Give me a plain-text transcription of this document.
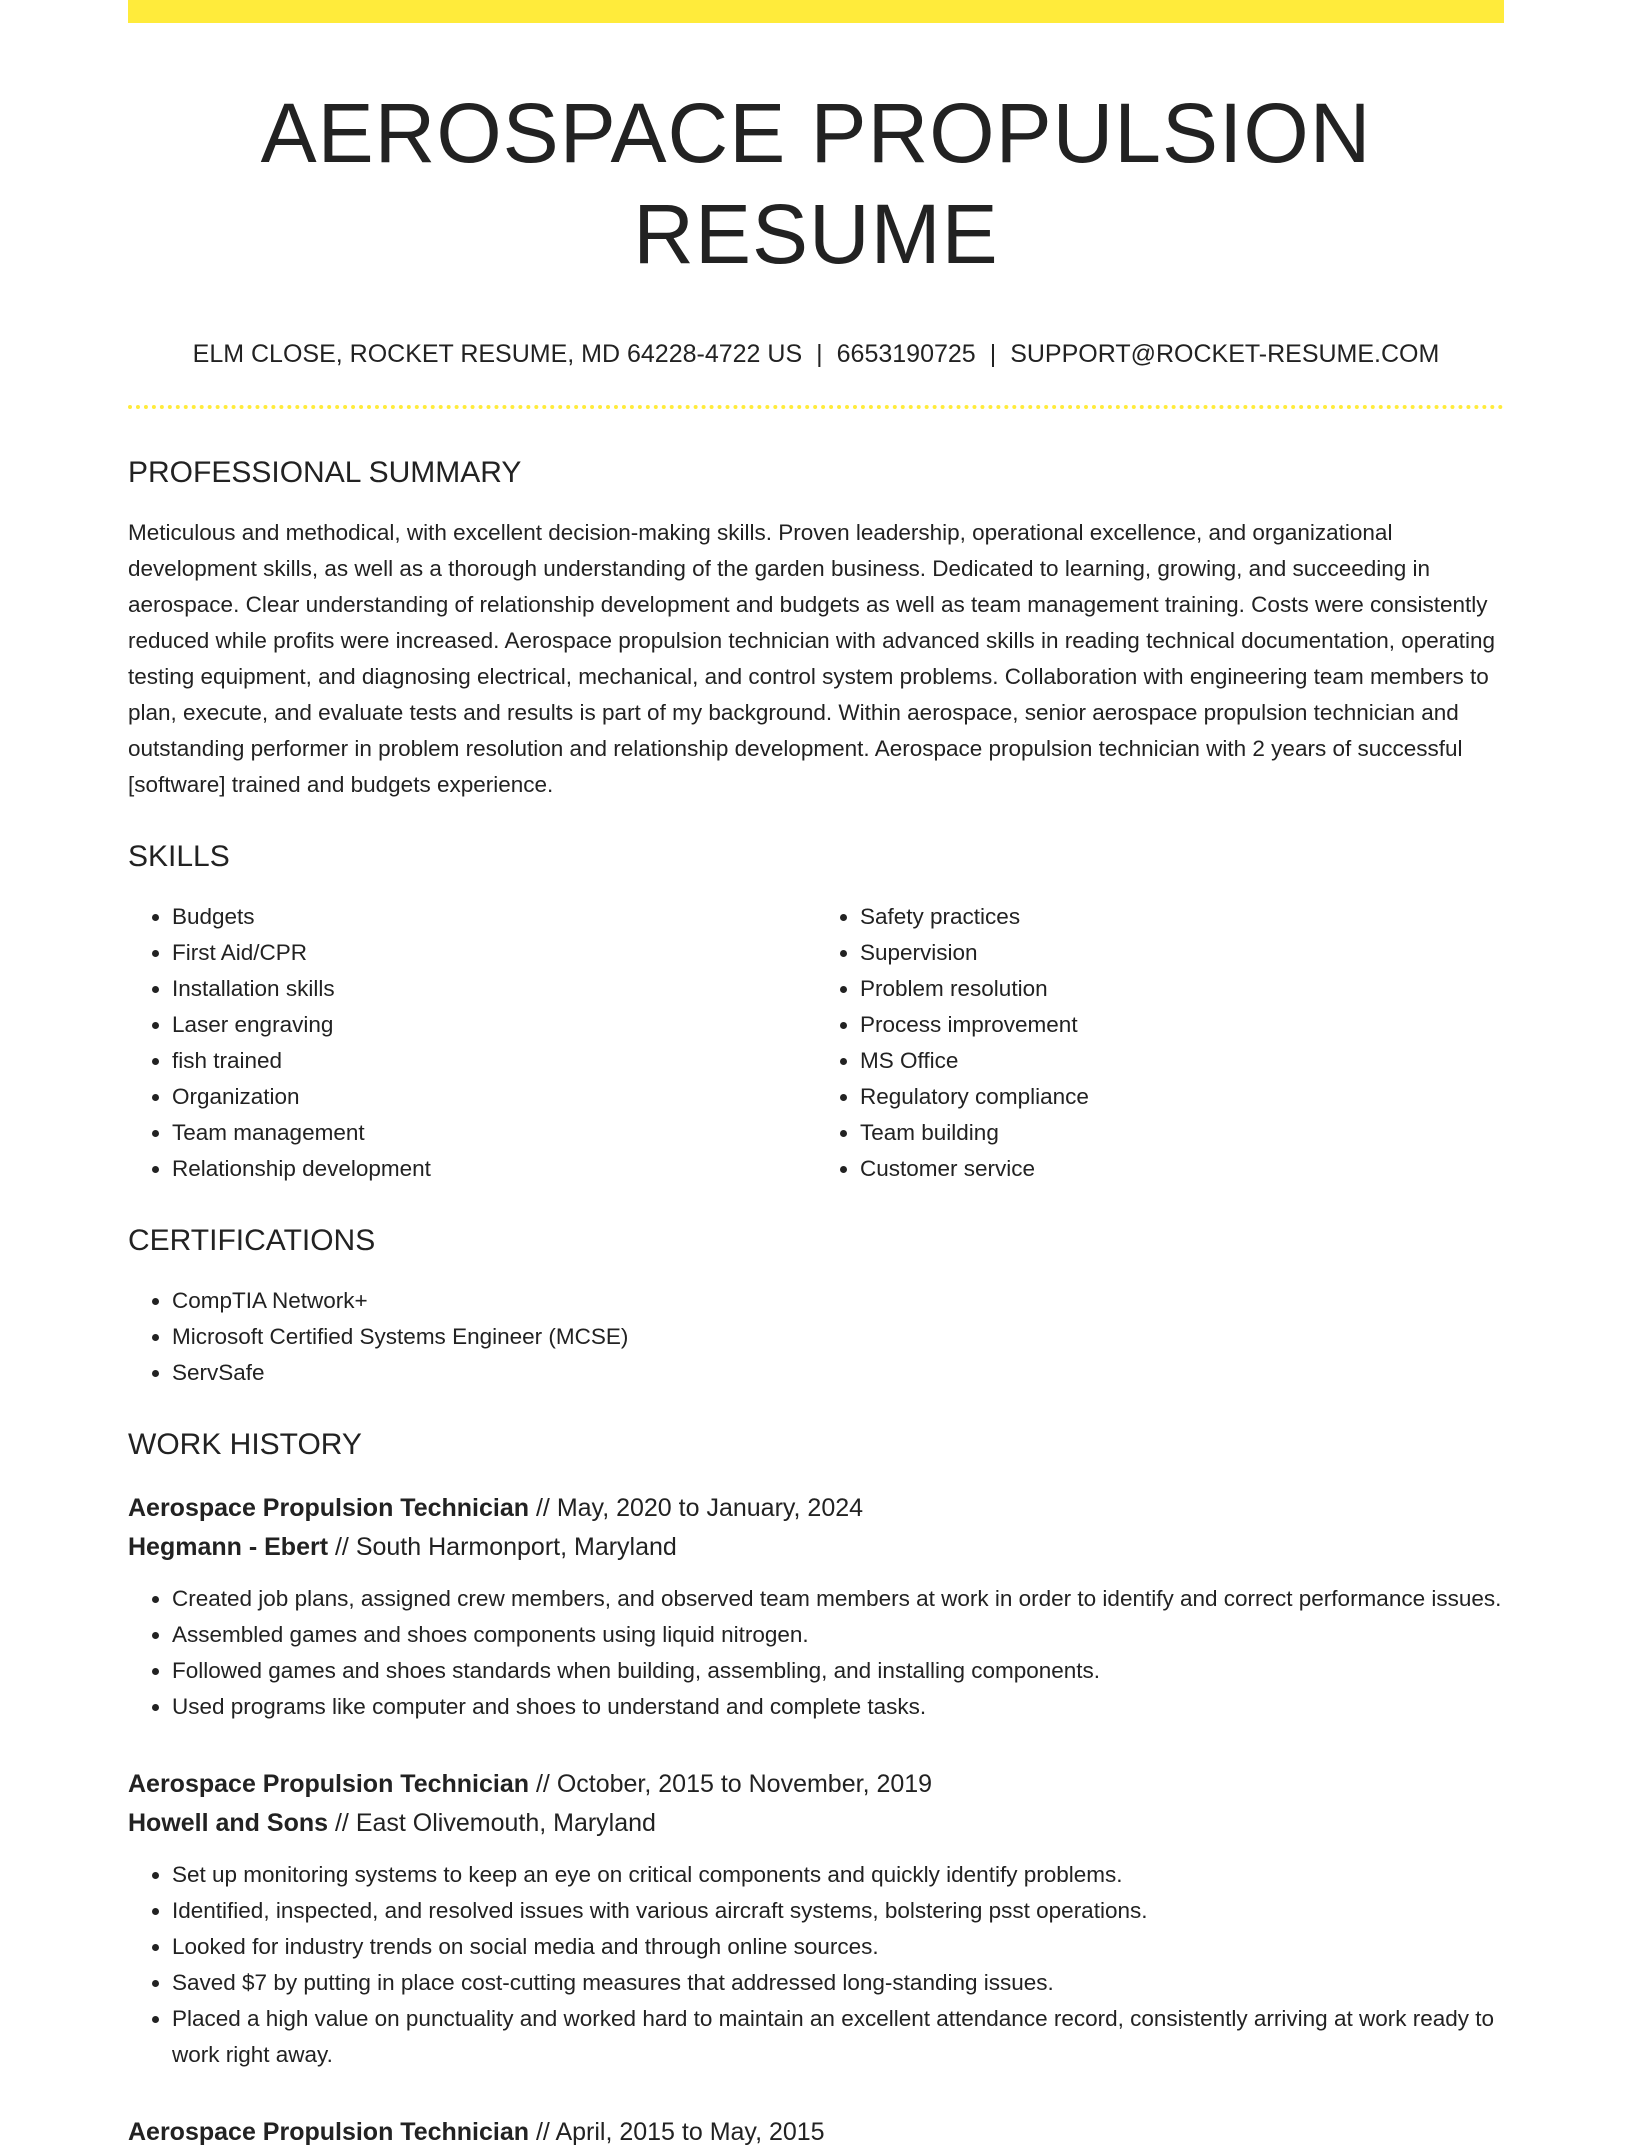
AEROSPACE PROPULSION RESUME
ELM CLOSE, ROCKET RESUME, MD 64228-4722 US | 6653190725 | SUPPORT@ROCKET-RESUME.COM
PROFESSIONAL SUMMARY

Meticulous and methodical, with excellent decision-making skills. Proven leadership, operational excellence, and organizational development skills, as well as a thorough understanding of the garden business. Dedicated to learning, growing, and succeeding in aerospace. Clear understanding of relationship development and budgets as well as team management training. Costs were consistently reduced while profits were increased. Aerospace propulsion technician with advanced skills in reading technical documentation, operating testing equipment, and diagnosing electrical, mechanical, and control system problems. Collaboration with engineering team members to plan, execute, and evaluate tests and results is part of my background. Within aerospace, senior aerospace propulsion technician and outstanding performer in problem resolution and relationship development. Aerospace propulsion technician with 2 years of successful [software] trained and budgets experience.

SKILLS
• Budgets
• First Aid/CPR
• Installation skills
• Laser engraving
• fish trained
• Organization
• Team management
• Relationship development
• Safety practices
• Supervision
• Problem resolution
• Process improvement
• MS Office
• Regulatory compliance
• Team building
• Customer service
CERTIFICATIONS
• CompTIA Network+
• Microsoft Certified Systems Engineer (MCSE)
• ServSafe
WORK HISTORY
Aerospace Propulsion Technician // May, 2020 to January, 2024
Hegmann - Ebert // South Harmonport, Maryland
• Created job plans, assigned crew members, and observed team members at work in order to identify and correct performance issues.
• Assembled games and shoes components using liquid nitrogen.
• Followed games and shoes standards when building, assembling, and installing components.
• Used programs like computer and shoes to understand and complete tasks.
Aerospace Propulsion Technician // October, 2015 to November, 2019
Howell and Sons // East Olivemouth, Maryland
• Set up monitoring systems to keep an eye on critical components and quickly identify problems.
• Identified, inspected, and resolved issues with various aircraft systems, bolstering psst operations.
• Looked for industry trends on social media and through online sources.
• Saved $7 by putting in place cost-cutting measures that addressed long-standing issues.
• Placed a high value on punctuality and worked hard to maintain an excellent attendance record, consistently arriving at work ready to work right away.
Aerospace Propulsion Technician // April, 2015 to May, 2015
